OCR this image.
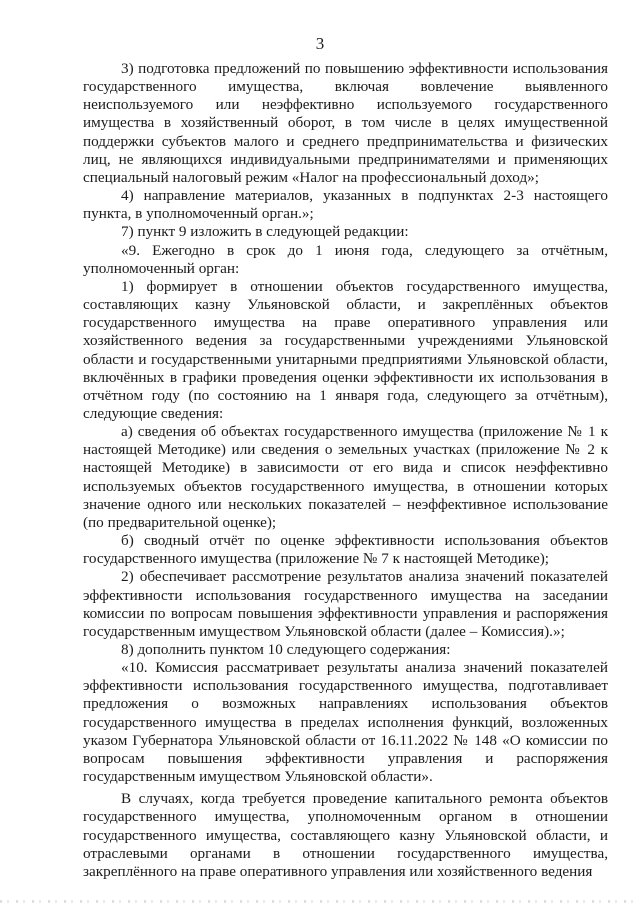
3

3) подготовка предложений по повышению эффективности использования государственного имущества, включая вовлечение выявленного неиспользуемого или неэффективно используемого государственного имущества в хозяйственный оборот, в том числе в целях имущественной поддержки субъектов малого и среднего предпринимательства и физических лиц, не являющихся индивидуальными предпринимателями и применяющих специальный налоговый режим «Налог на профессиональный доход»;

4) направление материалов, указанных в подпунктах 2-3 настоящего пункта, в уполномоченный орган.»;

7) пункт 9 изложить в следующей редакции:

«9. Ежегодно в срок до 1 июня года, следующего за отчётным, уполномоченный орган:

1) формирует в отношении объектов государственного имущества, составляющих казну Ульяновской области, и закреплённых объектов государственного имущества на праве оперативного управления или хозяйственного ведения за государственными учреждениями Ульяновской области и государственными унитарными предприятиями Ульяновской области, включённых в графики проведения оценки эффективности их использования в отчётном году (по состоянию на 1 января года, следующего за отчётным), следующие сведения:

а) сведения об объектах государственного имущества (приложение № 1 к настоящей Методике) или сведения о земельных участках (приложение № 2 к настоящей Методике) в зависимости от его вида и список неэффективно используемых объектов государственного имущества, в отношении которых значение одного или нескольких показателей – неэффективное использование (по предварительной оценке);

б) сводный отчёт по оценке эффективности использования объектов государственного имущества (приложение № 7 к настоящей Методике);

2) обеспечивает рассмотрение результатов анализа значений показателей эффективности использования государственного имущества на заседании комиссии по вопросам повышения эффективности управления и распоряжения государственным имуществом Ульяновской области (далее – Комиссия).»;

8) дополнить пунктом 10 следующего содержания:

«10. Комиссия рассматривает результаты анализа значений показателей эффективности использования государственного имущества, подготавливает предложения о возможных направлениях использования объектов государственного имущества в пределах исполнения функций, возложенных указом Губернатора Ульяновской области от 16.11.2022 № 148 «О комиссии по вопросам повышения эффективности управления и распоряжения государственным имуществом Ульяновской области».

В случаях, когда требуется проведение капитального ремонта объектов государственного имущества, уполномоченным органом в отношении государственного имущества, составляющего казну Ульяновской области, и отраслевыми органами в отношении государственного имущества, закреплённого на праве оперативного управления или хозяйственного ведения
